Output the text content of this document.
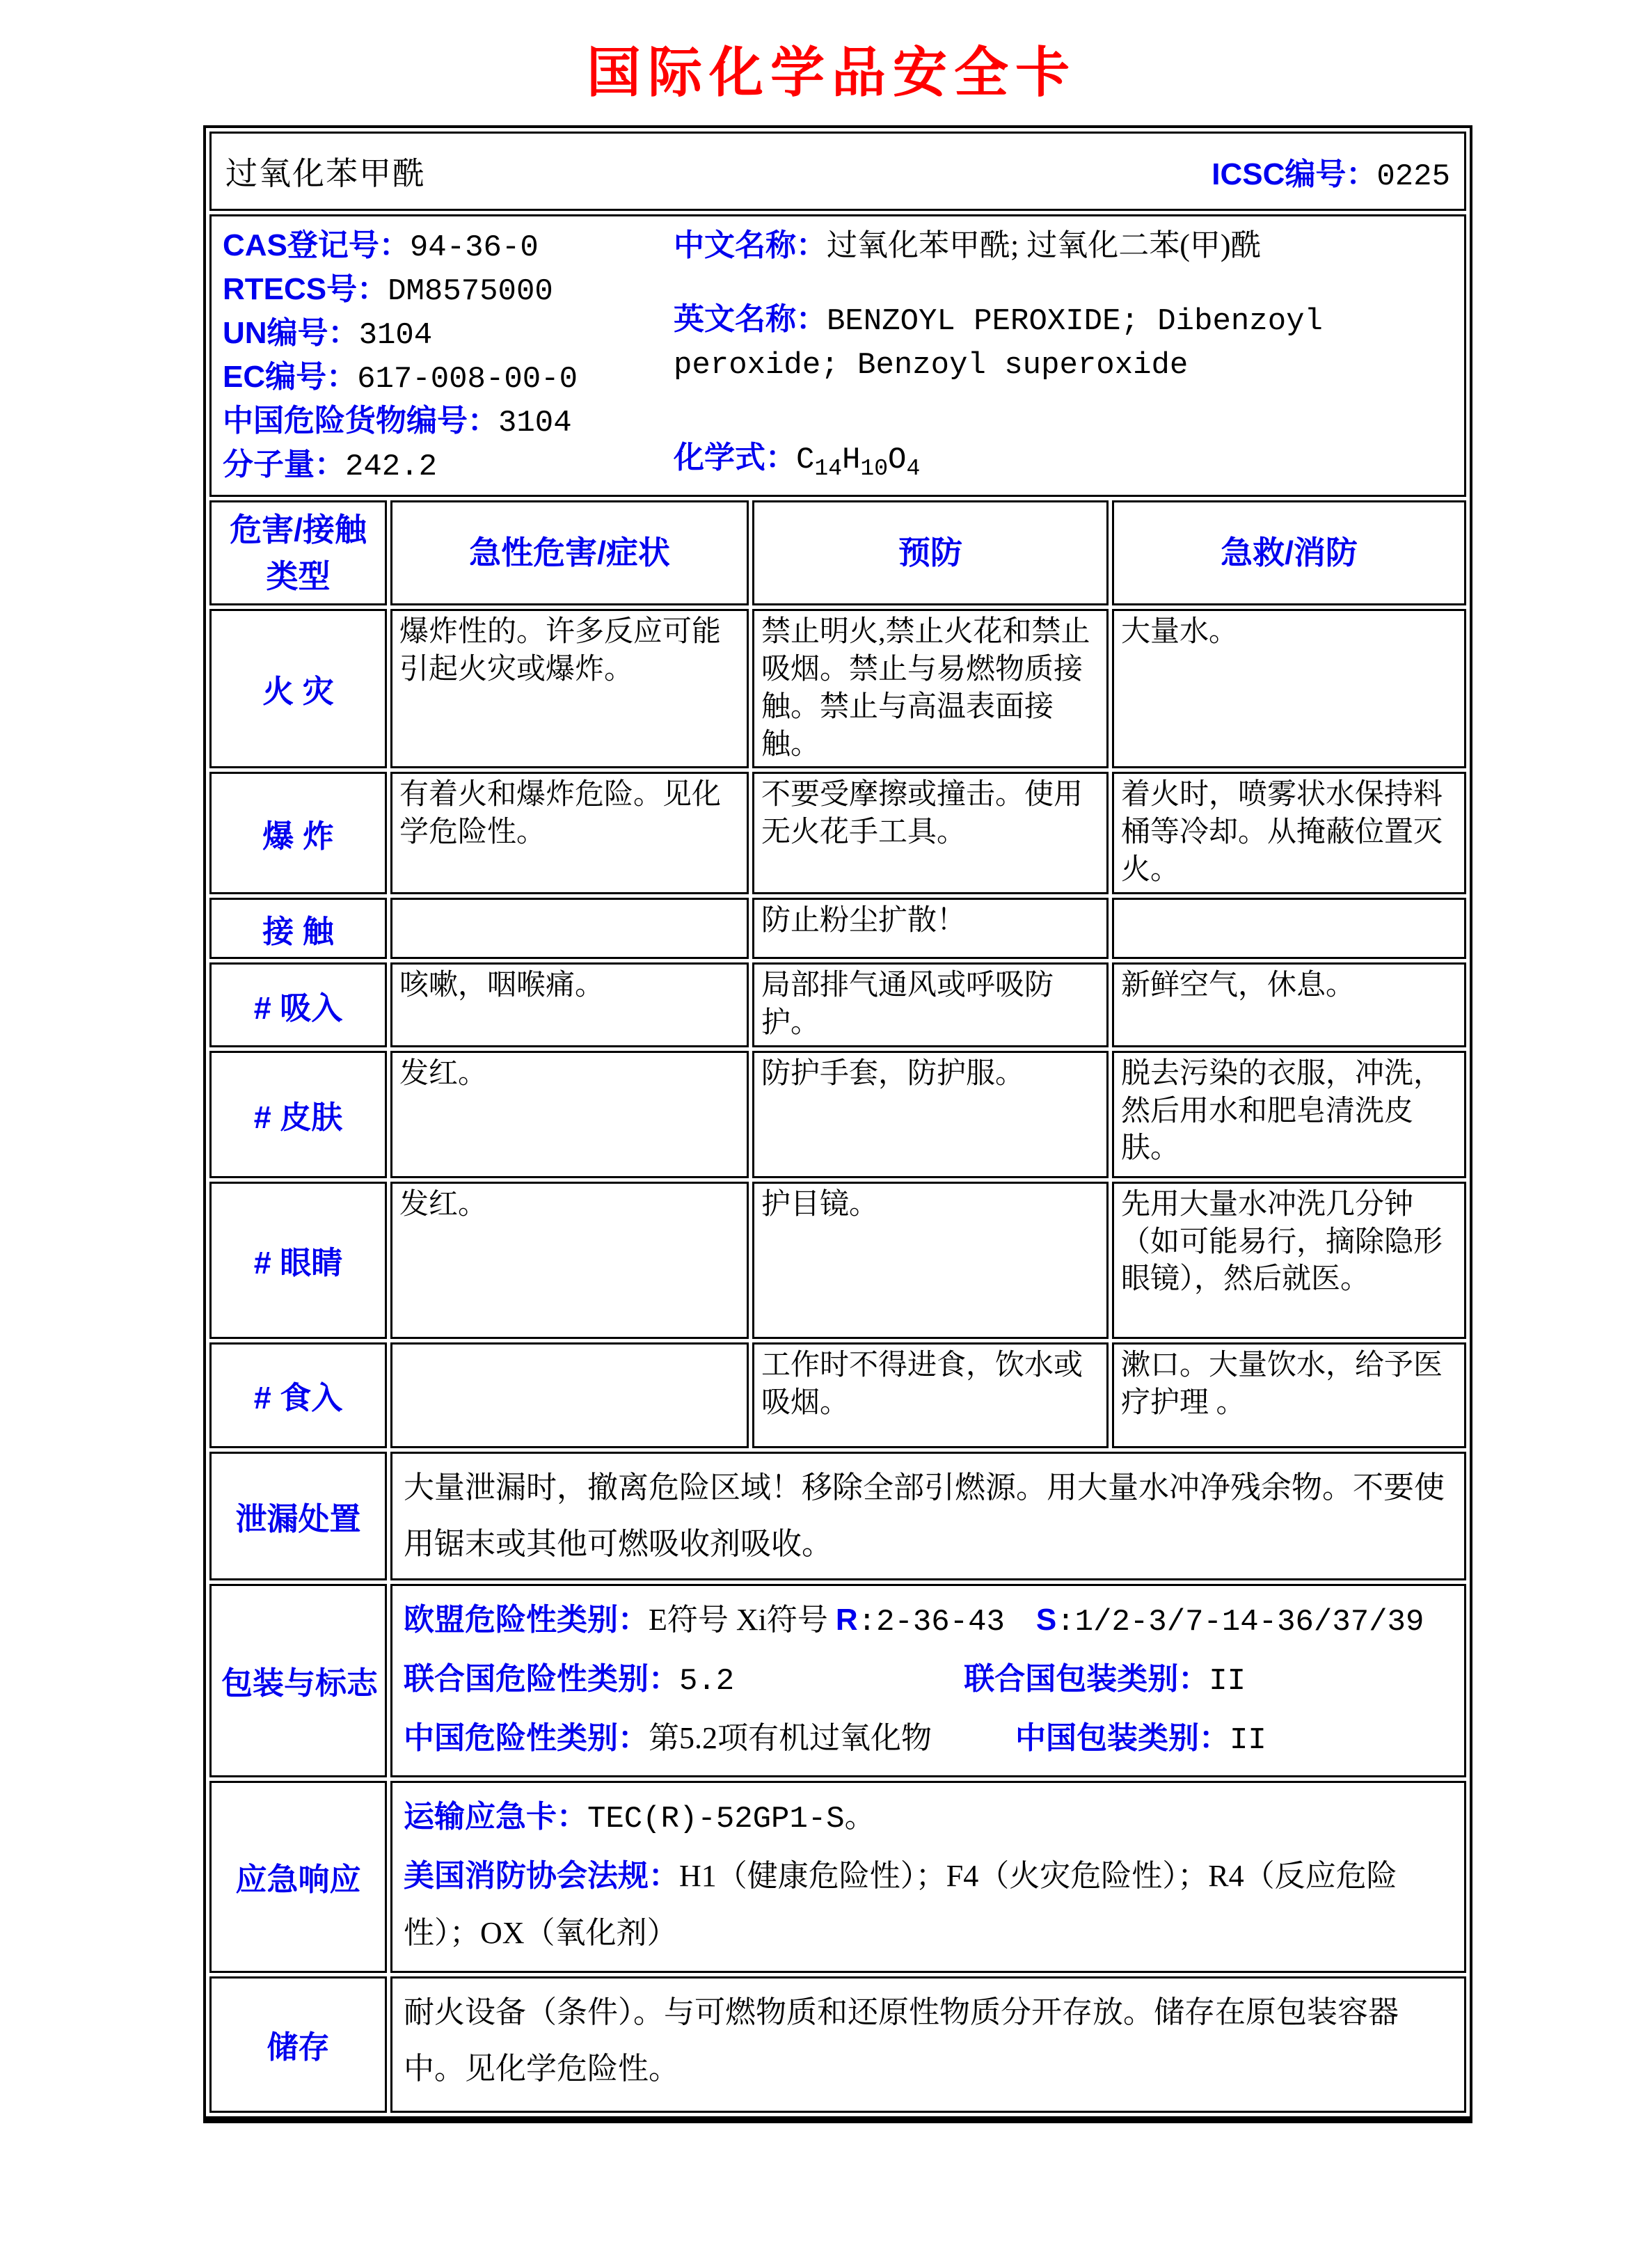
国际化学品安全卡
过氧化苯甲酰 ICSC编号：0225			

CAS登记号：94-36-0
RTECS号：DM8575000
UN编号：3104
EC编号：617-008-00-0
中国危险货物编号：3104
分子量：242.2
中文名称：过氧化苯甲酰; 过氧化二苯(甲)酰
英文名称：BENZOYL PEROXIDE; Dibenzoyl peroxide; Benzoyl superoxide
化学式：$C_{14}H_{10}O_4$

危害/接触
类型	急性危害/症状	预防	急救/消防
火 灾	爆炸性的。许多反应可能引起火灾或爆炸。	禁止明火,禁止火花和禁止吸烟。禁止与易燃物质接触。禁止与高温表面接触。	大量水。
爆 炸	有着火和爆炸危险。见化学危险性。	不要受摩擦或撞击。使用无火花手工具。	着火时，喷雾状水保持料桶等冷却。从掩蔽位置灭火。
接 触		防止粉尘扩散！	
# 吸入	咳嗽，咽喉痛。	局部排气通风或呼吸防护。	新鲜空气，休息。
# 皮肤	发红。	防护手套，防护服。	脱去污染的衣服，冲洗，然后用水和肥皂清洗皮肤。
# 眼睛	发红。	护目镜。	先用大量水冲洗几分钟（如可能易行，摘除隐形眼镜），然后就医。
# 食入		工作时不得进食，饮水或吸烟。	漱口。大量饮水，给予医疗护理 。
泄漏处置	大量泄漏时，撤离危险区域！移除全部引燃源。用大量水冲净残余物。不要使用锯末或其他可燃吸收剂吸收。		

包装与标志	欧盟危险性类别：E符号 Xi符号 R:2-36-43 S:1/2-3/7-14-36/37/39
联合国危险性类别：5.2 联合国包装类别：II
中国危险性类别：第5.2项有机过氧化物 中国包装类别：II		

应急响应	运输应急卡：TEC(R)-52GP1-S。
美国消防协会法规：H1（健康危险性）；F4（火灾危险性）；R4（反应危险性）；OX（氧化剂）		

储存	耐火设备（条件）。与可燃物质和还原性物质分开存放。储存在原包装容器中。见化学危险性。		
